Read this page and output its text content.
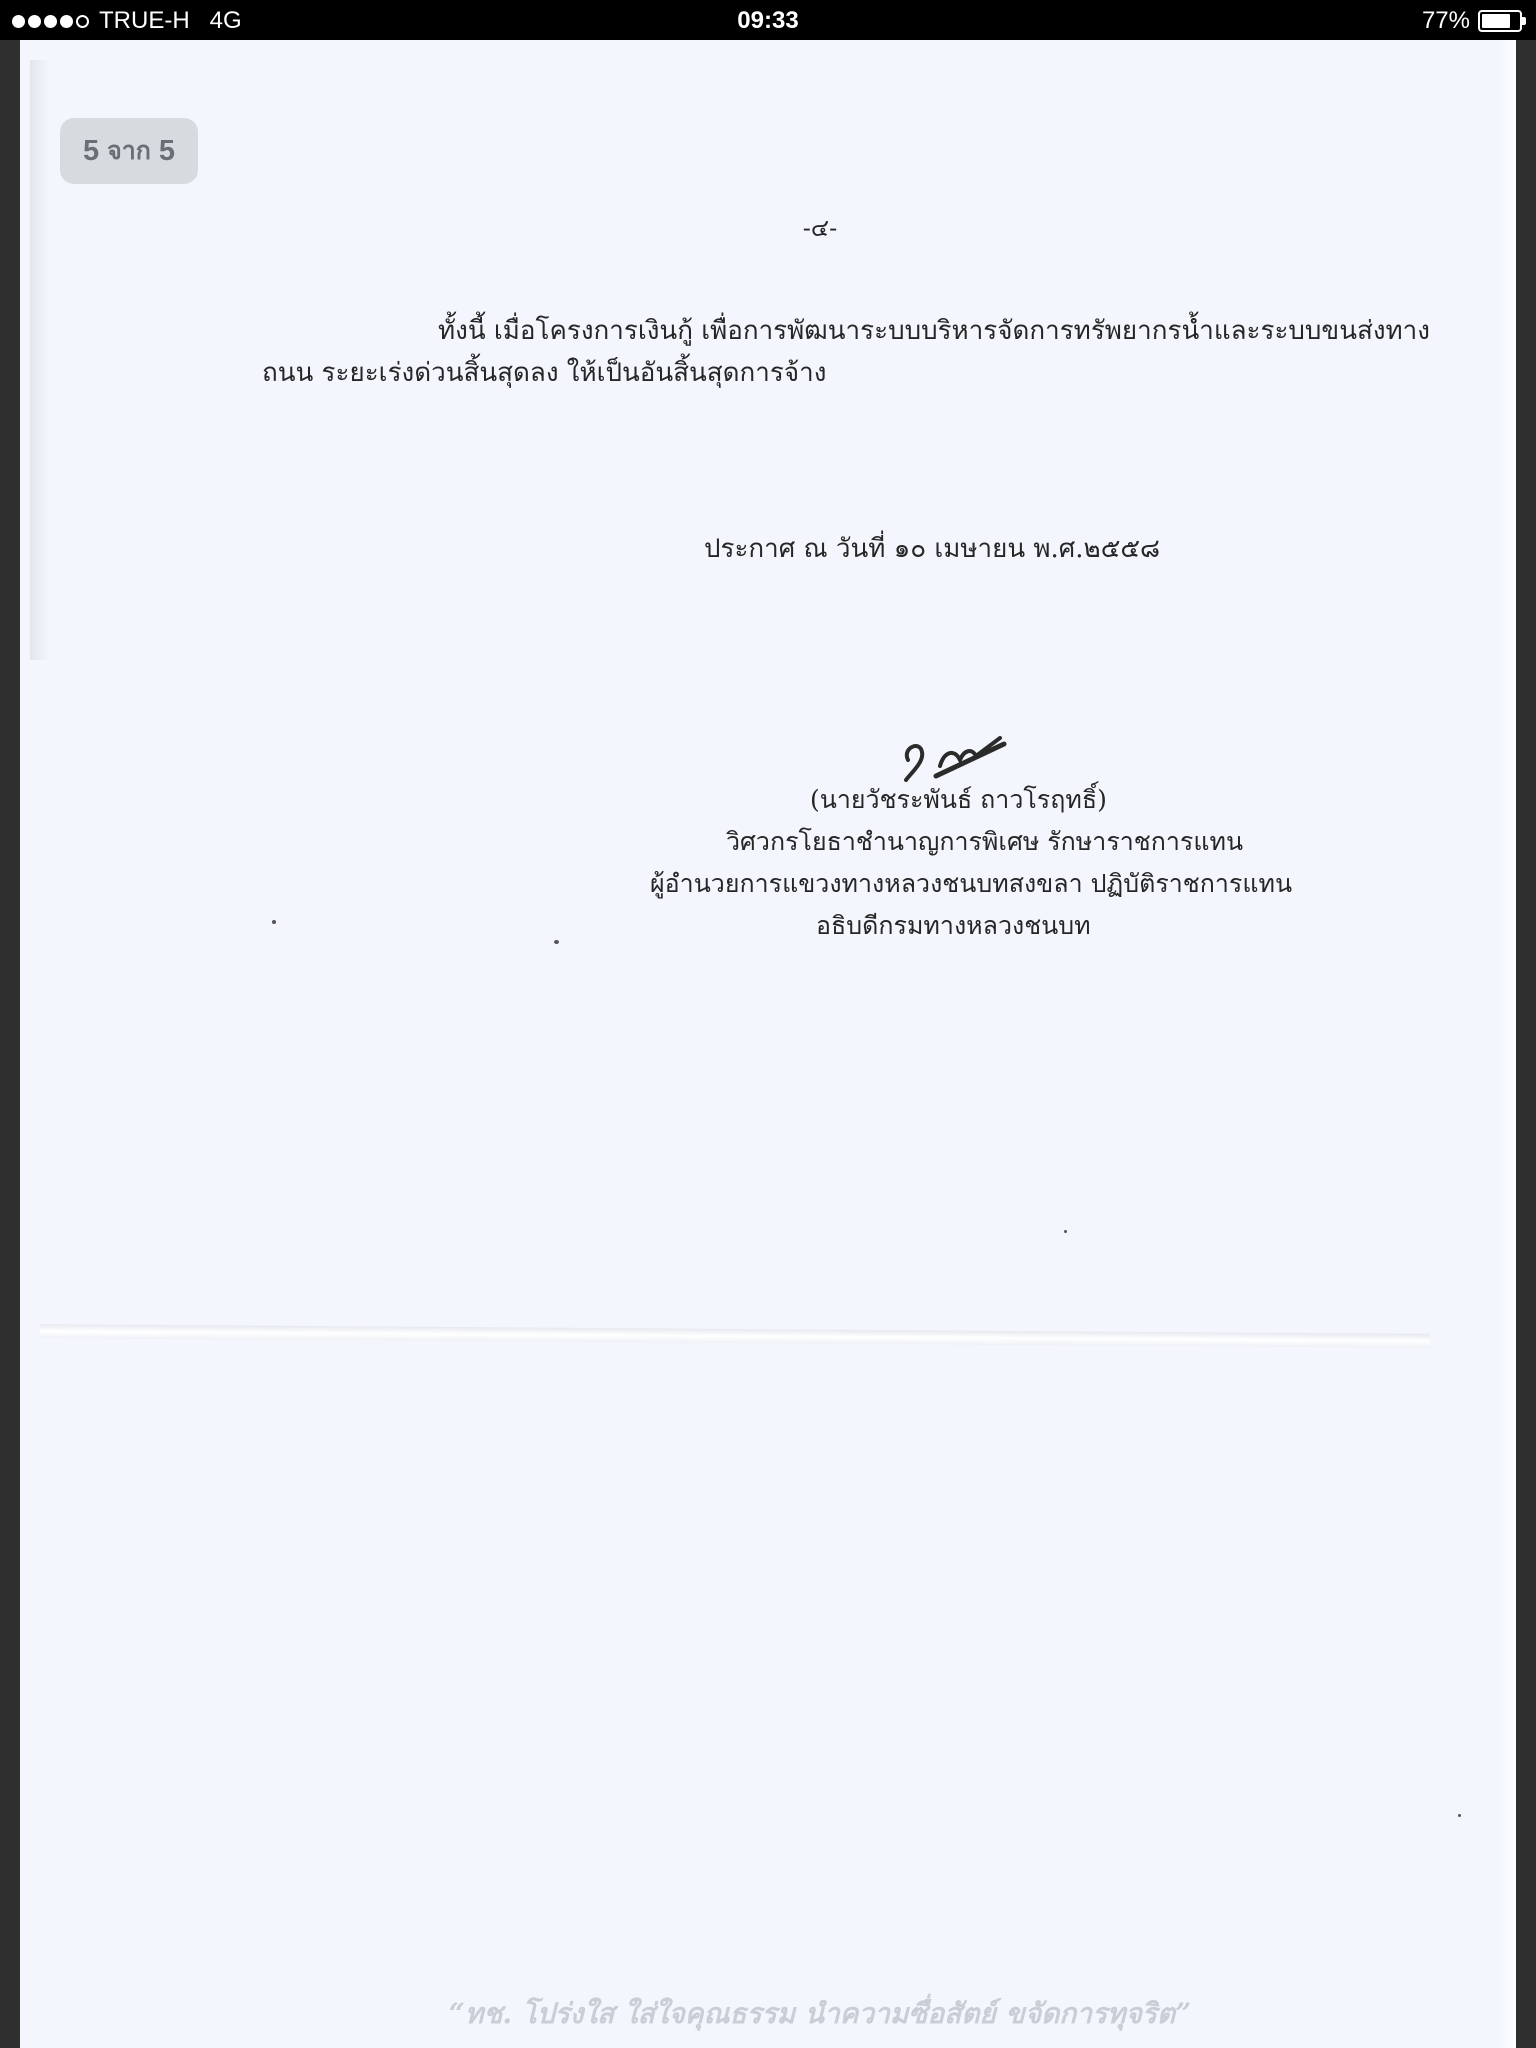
TRUE-H 4G	09:33	77%
5 จาก 5
-๔-
ทั้งนี้ เมื่อโครงการเงินกู้ เพื่อการพัฒนาระบบบริหารจัดการทรัพยากรน้ำและระบบขนส่งทาง
ถนน ระยะเร่งด่วนสิ้นสุดลง ให้เป็นอันสิ้นสุดการจ้าง
ประกาศ ณ วันที่ ๑๐ เมษายน พ.ศ.๒๕๕๘
(นายวัชระพันธ์ ถาวโรฤทธิ์)
วิศวกรโยธาชำนาญการพิเศษ รักษาราชการแทน
ผู้อำนวยการแขวงทางหลวงชนบทสงขลา ปฏิบัติราชการแทน
อธิบดีกรมทางหลวงชนบท
“ทช. โปร่งใส ใส่ใจคุณธรรม นำความซื่อสัตย์ ขจัดการทุจริต”
